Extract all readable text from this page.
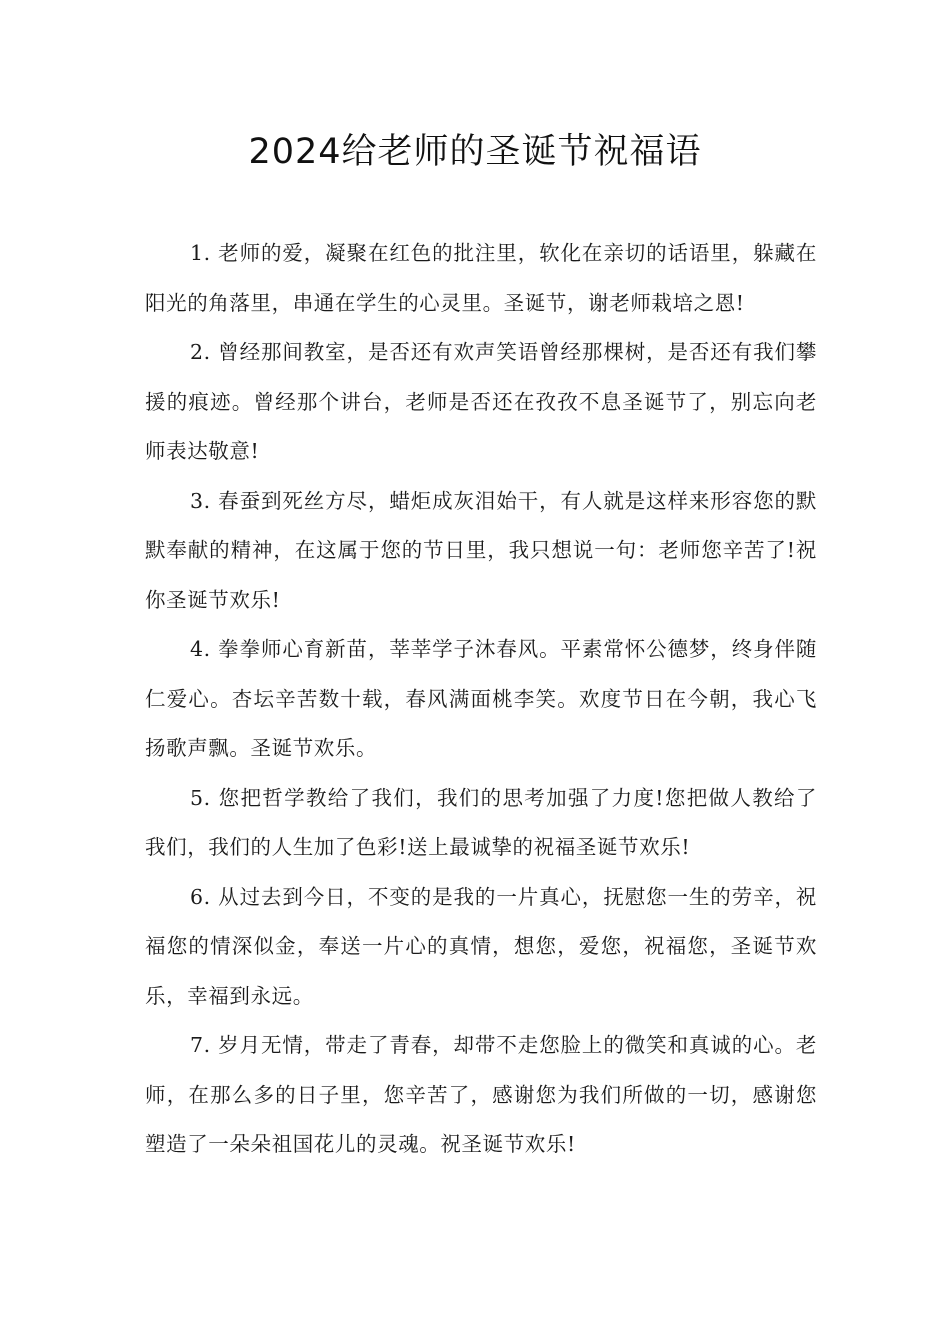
2024给老师的圣诞节祝福语

1. 老师的爱，凝聚在红色的批注里，软化在亲切的话语里，躲藏在阳光的角落里，串通在学生的心灵里。圣诞节，谢老师栽培之恩!

2. 曾经那间教室，是否还有欢声笑语曾经那棵树，是否还有我们攀援的痕迹。曾经那个讲台，老师是否还在孜孜不息圣诞节了，别忘向老师表达敬意!

3. 春蚕到死丝方尽，蜡炬成灰泪始干，有人就是这样来形容您的默默奉献的精神，在这属于您的节日里，我只想说一句：老师您辛苦了!祝你圣诞节欢乐!

4. 拳拳师心育新苗，莘莘学子沐春风。平素常怀公德梦，终身伴随仁爱心。杏坛辛苦数十载，春风满面桃李笑。欢度节日在今朝，我心飞扬歌声飘。圣诞节欢乐。

5. 您把哲学教给了我们，我们的思考加强了力度!您把做人教给了我们，我们的人生加了色彩!送上最诚挚的祝福圣诞节欢乐!

6. 从过去到今日，不变的是我的一片真心，抚慰您一生的劳辛，祝福您的情深似金，奉送一片心的真情，想您，爱您，祝福您，圣诞节欢乐，幸福到永远。

7. 岁月无情，带走了青春，却带不走您脸上的微笑和真诚的心。老师，在那么多的日子里，您辛苦了，感谢您为我们所做的一切，感谢您塑造了一朵朵祖国花儿的灵魂。祝圣诞节欢乐!
